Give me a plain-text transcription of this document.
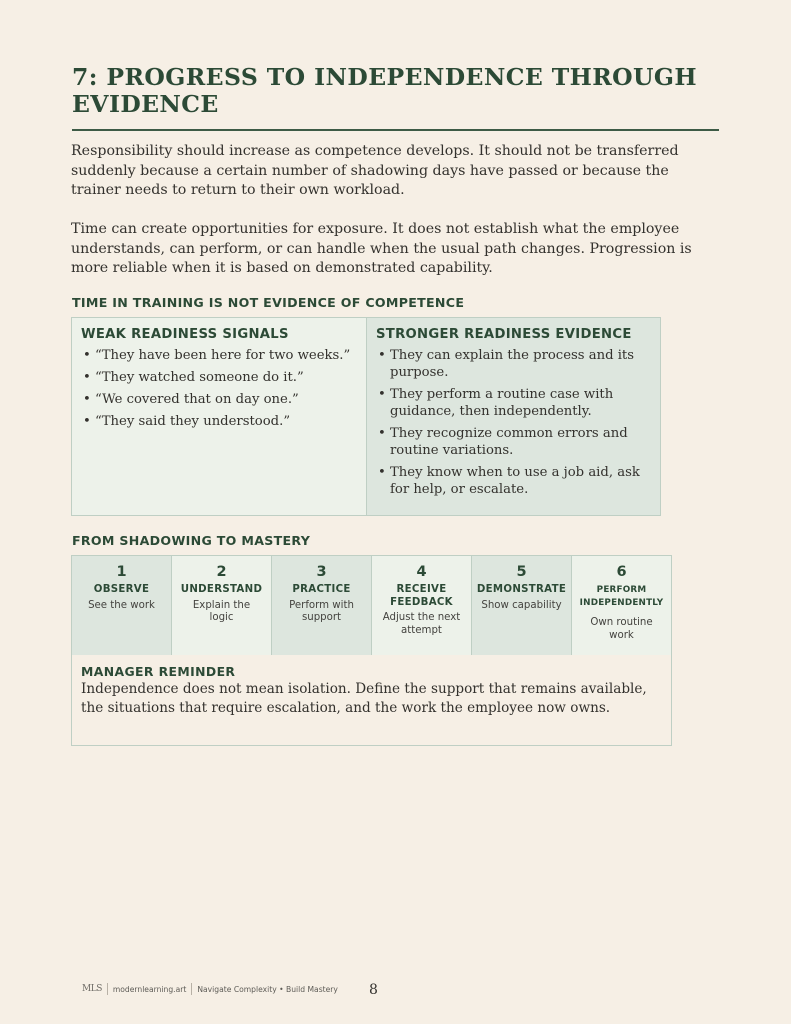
7: PROGRESS TO INDEPENDENCE THROUGH EVIDENCE

Responsibility should increase as competence develops. It should not be transferred suddenly because a certain number of shadowing days have passed or because the trainer needs to return to their own workload.

Time can create opportunities for exposure. It does not establish what the employee understands, can perform, or can handle when the usual path changes. Progression is more reliable when it is based on demonstrated capability.

TIME IN TRAINING IS NOT EVIDENCE OF COMPETENCE
WEAK READINESS SIGNALS
• “They have been here for two weeks.”
• “They watched someone do it.”
• “We covered that on day one.”
• “They said they understood.”
STRONGER READINESS EVIDENCE
• They can explain the process and its purpose.
• They perform a routine case with guidance, then independently.
• They recognize common errors and routine variations.
• They know when to use a job aid, ask for help, or escalate.
FROM SHADOWING TO MASTERY
1
OBSERVE
See the work
2
UNDERSTAND
Explain the logic
3
PRACTICE
Perform with support
4
RECEIVE FEEDBACK
Adjust the next attempt
5
DEMONSTRATE
Show capability
6
PERFORM INDEPENDENTLY
Own routine work
MANAGER REMINDER
Independence does not mean isolation. Define the support that remains available, the situations that require escalation, and the work the employee now owns.
MLS modernlearning.art Navigate Complexity • Build Mastery 8
